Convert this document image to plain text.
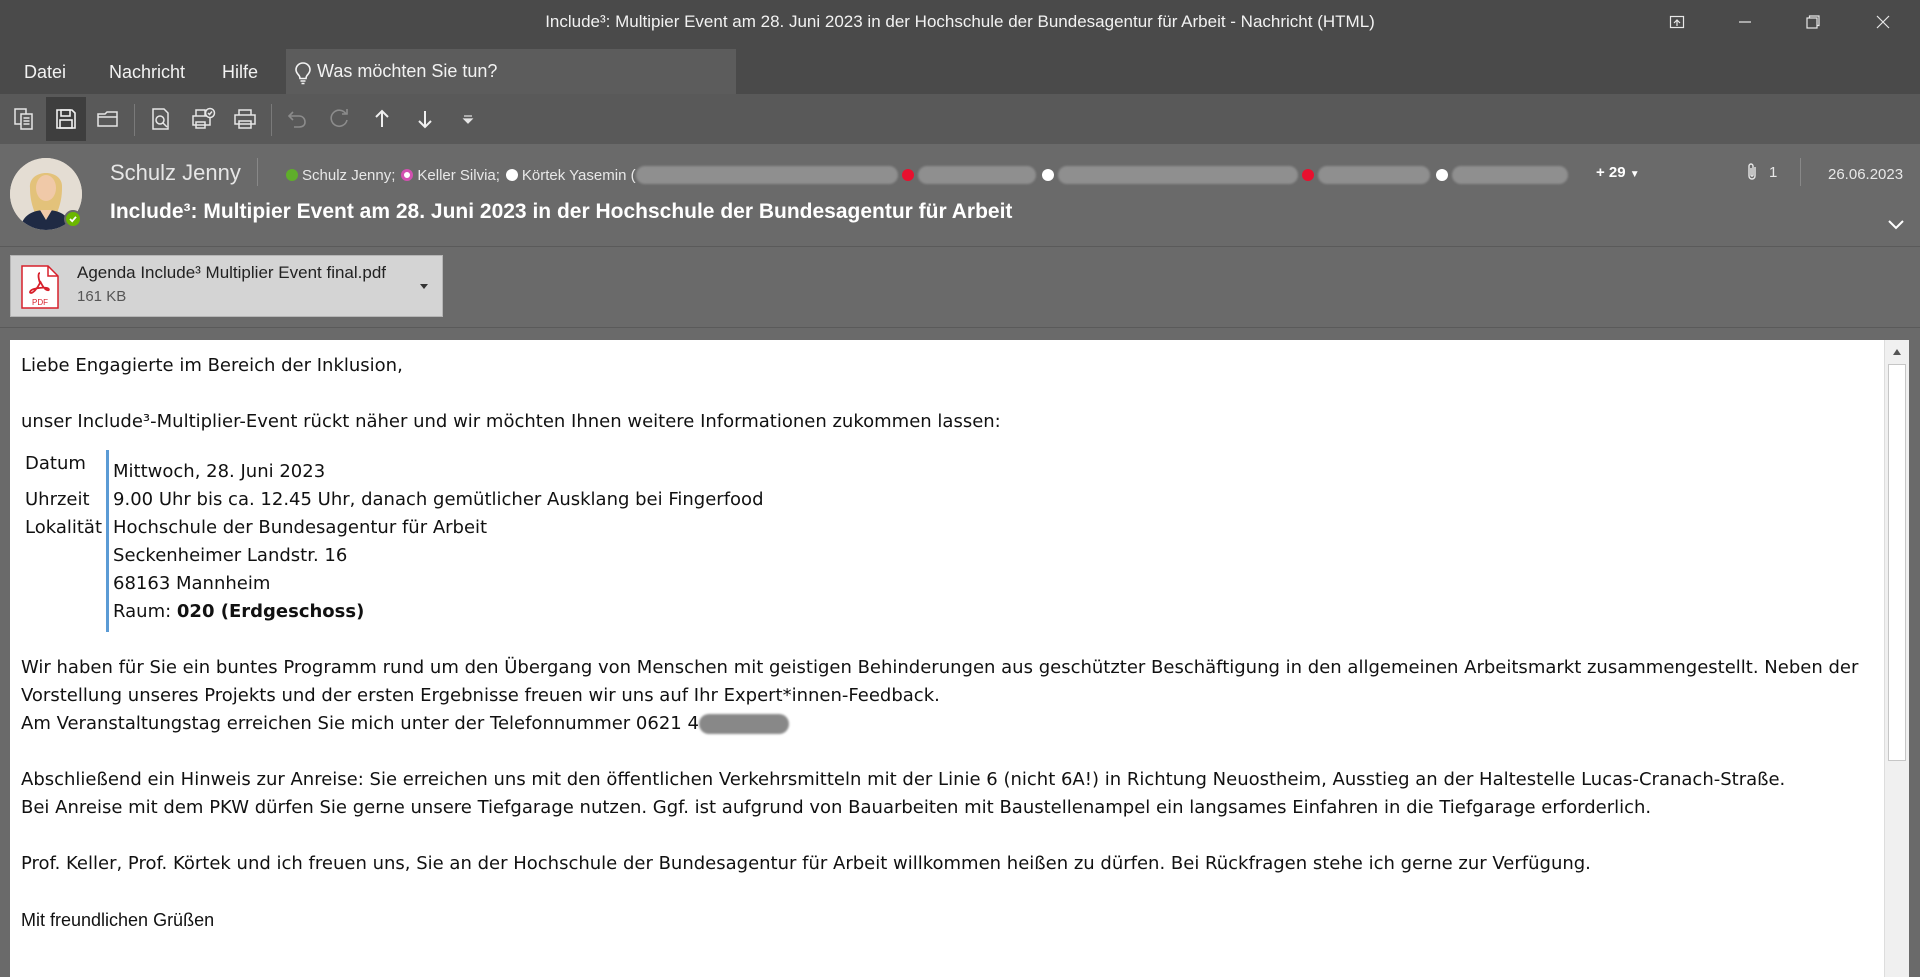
Include³: Multipier Event am 28. Juni 2023 in der Hochschule der Bundesagentur für Arbeit - Nachricht (HTML)
Datei Nachricht Hilfe	Was möchten Sie tun?
Schulz Jenny	Schulz Jenny; Keller Silvia; Körtek Yasemin (	+ 29 ▼	1	26.06.2023
Include³: Multipier Event am 28. Juni 2023 in der Hochschule der Bundesagentur für Arbeit
PDF
Agenda Include³ Multiplier Event final.pdf
161 KB

Liebe Engagierte im Bereich der Inklusion,

unser Include³-Multiplier-Event rückt näher und wir möchten Ihnen weitere Informationen zukommen lassen:

Datum	Mittwoch, 28. Juni 2023
Uhrzeit	9.00 Uhr bis ca. 12.45 Uhr, danach gemütlicher Ausklang bei Fingerfood
Lokalität	Hochschule der Bundesagentur für Arbeit
Seckenheimer Landstr. 16
68163 Mannheim
Raum: 020 (Erdgeschoss)

Wir haben für Sie ein buntes Programm rund um den Übergang von Menschen mit geistigen Behinderungen aus geschützter Beschäftigung in den allgemeinen Arbeitsmarkt zusammengestellt. Neben der

Vorstellung unseres Projekts und der ersten Ergebnisse freuen wir uns auf Ihr Expert*innen-Feedback.

Am Veranstaltungstag erreichen Sie mich unter der Telefonnummer 0621 4

Abschließend ein Hinweis zur Anreise: Sie erreichen uns mit den öffentlichen Verkehrsmitteln mit der Linie 6 (nicht 6A!) in Richtung Neuostheim, Ausstieg an der Haltestelle Lucas-Cranach-Straße.

Bei Anreise mit dem PKW dürfen Sie gerne unsere Tiefgarage nutzen. Ggf. ist aufgrund von Bauarbeiten mit Baustellenampel ein langsames Einfahren in die Tiefgarage erforderlich.

Prof. Keller, Prof. Körtek und ich freuen uns, Sie an der Hochschule der Bundesagentur für Arbeit willkommen heißen zu dürfen. Bei Rückfragen stehe ich gerne zur Verfügung.

Mit freundlichen Grüßen
